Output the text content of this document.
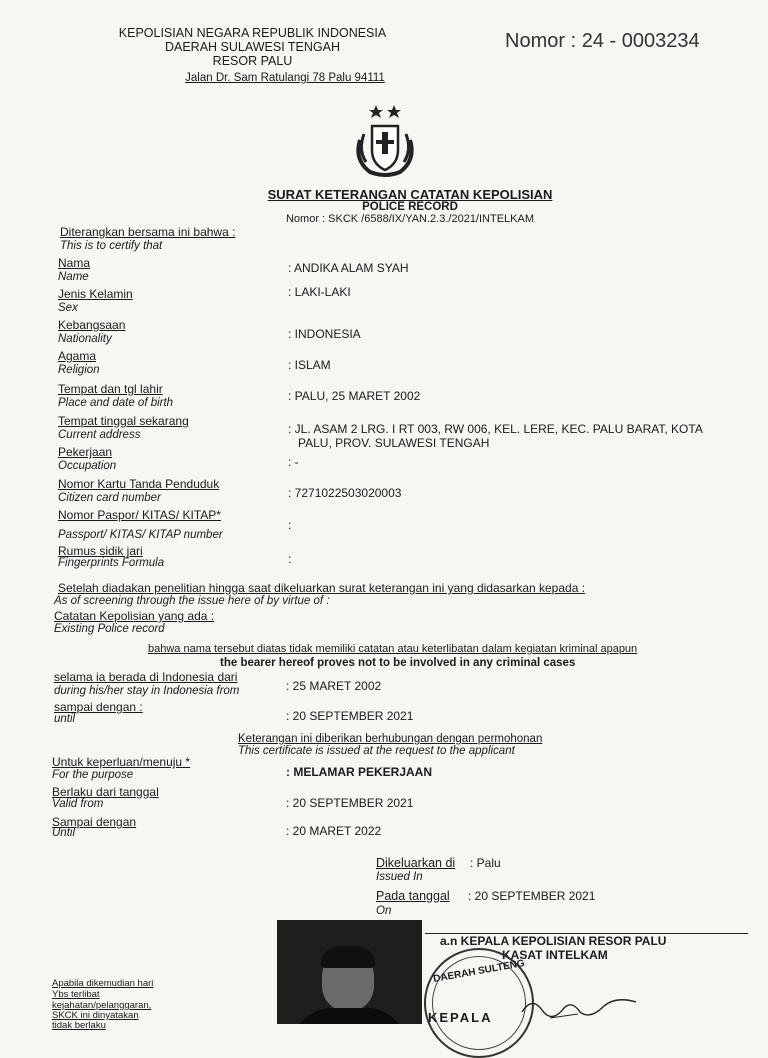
KEPOLISIAN NEGARA REPUBLIK INDONESIA
DAERAH SULAWESI TENGAH
RESOR PALU
Jalan Dr. Sam Ratulangi 78 Palu 94111
Nomor : 24 - 0003234
SURAT KETERANGAN CATATAN KEPOLISIAN
POLICE RECORD
Nomor : SKCK /6588/IX/YAN.2.3./2021/INTELKAM
Diterangkan bersama ini bahwa :
This is to certify that
Nama
Name
: ANDIKA ALAM SYAH
Jenis Kelamin
Sex
: LAKI-LAKI
Kebangsaan
Nationality	: INDONESIA
Agama
Religion	: ISLAM
Tempat dan tgl lahir
Place and date of birth	: PALU, 25 MARET 2002
Tempat tinggal sekarang
Current address	: JL. ASAM 2 LRG. I RT 003, RW 006, KEL. LERE, KEC. PALU BARAT, KOTA
PALU, PROV. SULAWESI TENGAH
Pekerjaan
Occupation	: -
Nomor Kartu Tanda Penduduk
Citizen card number	: 7271022503020003
Nomor Paspor/ KITAS/ KITAP*
Passport/ KITAS/ KITAP number
:
Rumus sidik jari
Fingerprints Formula	:
Setelah diadakan penelitian hingga saat dikeluarkan surat keterangan ini yang didasarkan kepada :
As of screening through the issue here of by virtue of :
Catatan Kepolisian yang ada :
Existing Police record
bahwa nama tersebut diatas tidak memiliki catatan atau keterlibatan dalam kegiatan kriminal apapun
the bearer hereof proves not to be involved in any criminal cases
selama ia berada di Indonesia dari
during his/her stay in Indonesia from	: 25 MARET 2002
sampai dengan :
until	: 20 SEPTEMBER 2021
Keterangan ini diberikan berhubungan dengan permohonan
This certificate is issued at the request to the applicant
Untuk keperluan/menuju *
For the purpose	: MELAMAR PEKERJAAN
Berlaku dari tanggal
Valid from	: 20 SEPTEMBER 2021
Sampai dengan
Until	: 20 MARET 2022
Dikeluarkan di
Issued In
: Palu
Pada tanggal
On
: 20 SEPTEMBER 2021
a.n KEPALA KEPOLISIAN RESOR PALU
KASAT INTELKAM
DAERAH SULTENG
KEPALA
Apabila dikemudian hari
Ybs terlibat
kejahatan/pelanggaran,
SKCK ini dinyatakan
tidak berlaku
